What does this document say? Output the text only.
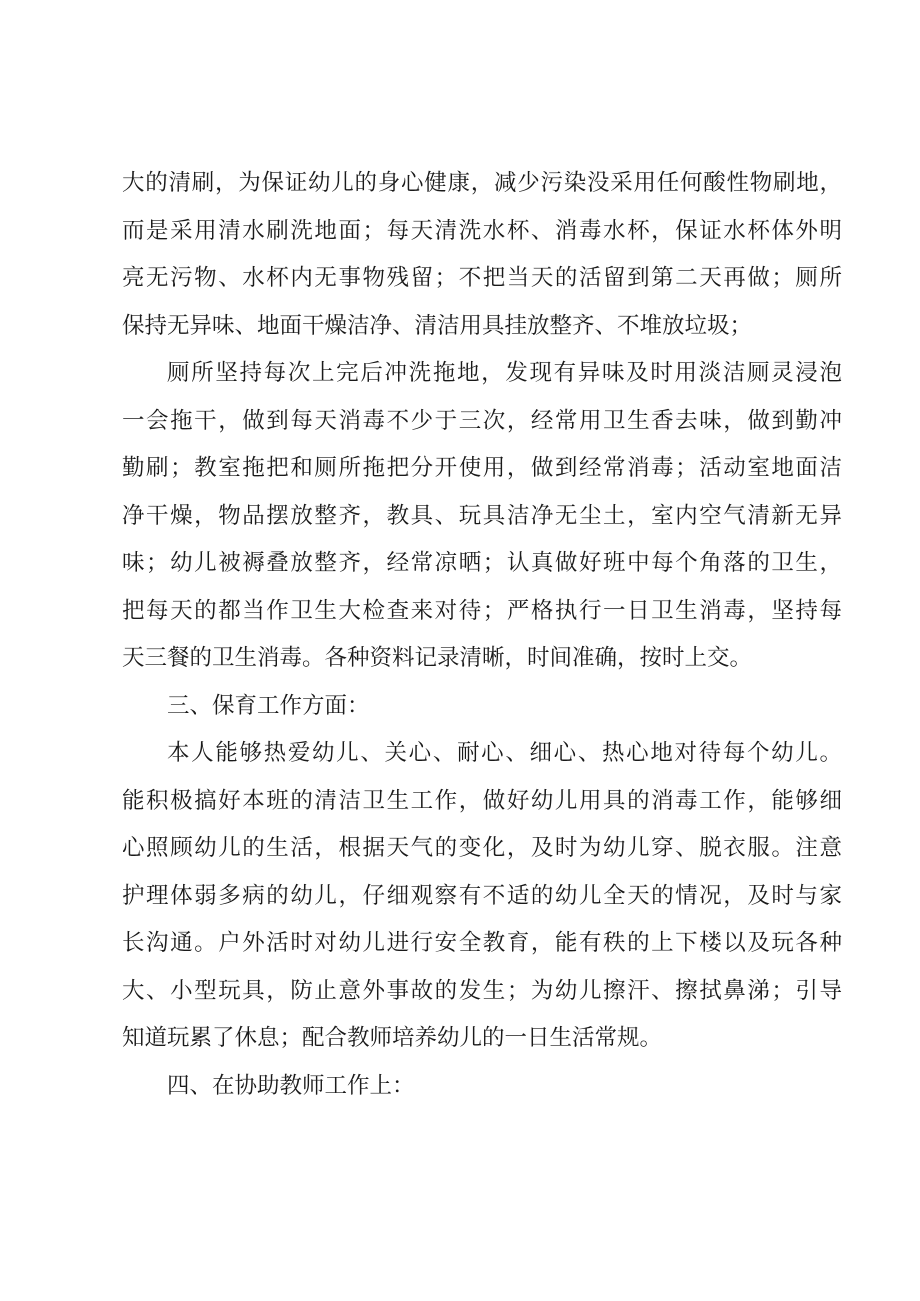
大的清刷，为保证幼儿的身心健康，减少污染没采用任何酸性物刷地，
而是采用清水刷洗地面；每天清洗水杯、消毒水杯，保证水杯体外明
亮无污物、水杯内无事物残留；不把当天的活留到第二天再做；厕所
保持无异味、地面干燥洁净、清洁用具挂放整齐、不堆放垃圾；
厕所坚持每次上完后冲洗拖地，发现有异味及时用淡洁厕灵浸泡
一会拖干，做到每天消毒不少于三次，经常用卫生香去味，做到勤冲
勤刷；教室拖把和厕所拖把分开使用，做到经常消毒；活动室地面洁
净干燥，物品摆放整齐，教具、玩具洁净无尘土，室内空气清新无异
味；幼儿被褥叠放整齐，经常凉晒；认真做好班中每个角落的卫生，
把每天的都当作卫生大检查来对待；严格执行一日卫生消毒，坚持每
天三餐的卫生消毒。各种资料记录清晰，时间准确，按时上交。
三、保育工作方面：
本人能够热爱幼儿、关心、耐心、细心、热心地对待每个幼儿。
能积极搞好本班的清洁卫生工作，做好幼儿用具的消毒工作，能够细
心照顾幼儿的生活，根据天气的变化，及时为幼儿穿、脱衣服。注意
护理体弱多病的幼儿，仔细观察有不适的幼儿全天的情况，及时与家
长沟通。户外活时对幼儿进行安全教育，能有秩的上下楼以及玩各种
大、小型玩具，防止意外事故的发生；为幼儿擦汗、擦拭鼻涕；引导
知道玩累了休息；配合教师培养幼儿的一日生活常规。
四、在协助教师工作上：
